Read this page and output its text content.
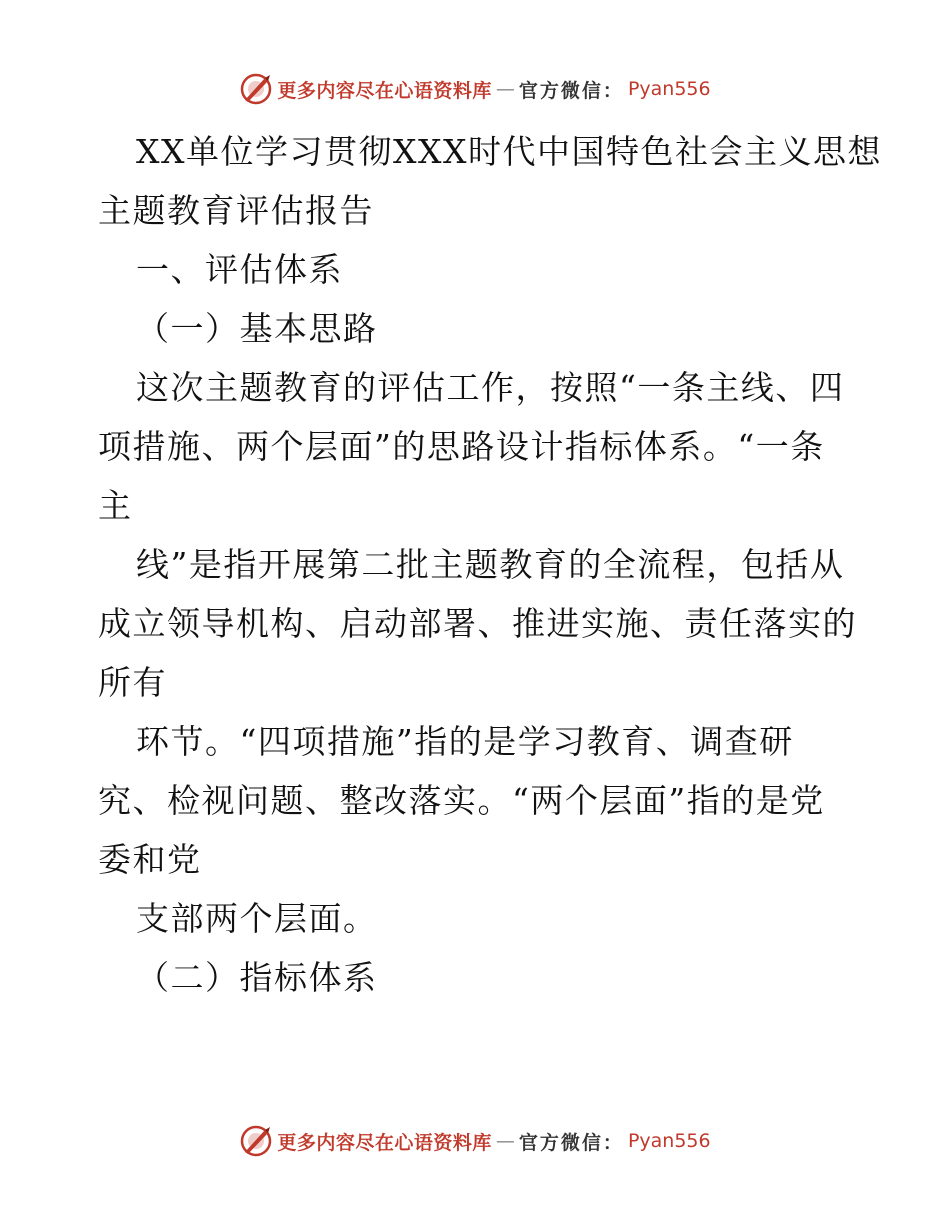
更多内容尽在心语资料库 — 官方微信： Pyan556
XX单位学习贯彻XXX时代中国特色社会主义思想
主题教育评估报告
一、评估体系
（一）基本思路
这次主题教育的评估工作，按照“一条主线、四
项措施、两个层面”的思路设计指标体系。“一条
主
线”是指开展第二批主题教育的全流程，包括从
成立领导机构、启动部署、推进实施、责任落实的
所有
环节。“四项措施”指的是学习教育、调查研
究、检视问题、整改落实。“两个层面”指的是党
委和党
支部两个层面。
（二）指标体系
更多内容尽在心语资料库 — 官方微信： Pyan556
